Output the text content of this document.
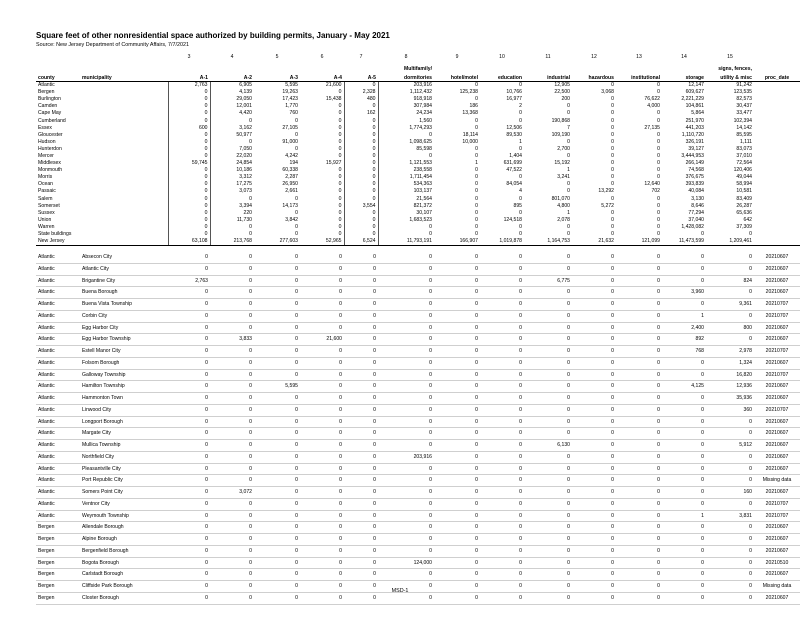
Square feet of other nonresidential space authorized by building permits, January - May 2021
Source: New Jersey Department of Community Affairs, 7/7/2021
		3	4	5	6	7	8	9	10	11	12	13	14	15	
							Multifamily/							signs, fences,	
county	municipality	A-1	A-2	A-3	A-4	A-5	dormitories	hotel/motel	education	industrial	hazardous	institutional	storage	utility & misc	proc_date
Atlantic		2,763	6,905	5,595	21,600	0	203,916	0	0	12,905	0	0	12,147	91,242	
Bergen		0	4,139	19,263	0	2,328	1,112,432	125,238	10,766	22,500	3,068	0	609,627	123,535	
Burlington		0	29,050	17,423	15,438	480	918,918	0	16,977	200	0	76,622	2,221,229	82,573	
Camden		0	12,001	1,770	0	0	307,984	186	2	0	0	4,000	104,861	30,437	
Cape May		0	4,420	760	0	162	24,234	13,368	0	0	0	0	5,864	33,477	
Cumberland		0	0	0	0	0	1,560	0	0	190,868	0	0	251,970	102,394	
Essex		600	3,162	27,105	0	0	1,774,293	0	12,506	7	0	27,135	441,203	14,142	
Gloucester		0	50,977	0	0	0	0	18,114	89,530	109,190	0	0	1,110,720	85,595	
Hudson		0	0	91,000	0	0	1,098,625	10,000	1	0	0	0	326,191	1,111	
Hunterdon		0	7,050	0	0	0	85,598	0	0	2,700	0	0	39,127	83,073	
Mercer		0	22,020	4,242	0	0	0	0	1,404	0	0	0	3,444,953	37,010	
Middlesex		59,745	24,854	194	15,927	0	1,121,553	1	631,699	15,192	0	0	266,149	72,564	
Monmouth		0	10,186	60,338	0	0	238,558	0	47,522	1	0	0	74,568	120,406	
Morris		0	3,312	2,287	0	0	1,711,454	0	0	3,241	0	0	376,675	49,044	
Ocean		0	17,275	26,950	0	0	534,363	0	84,054	0	0	12,640	393,839	58,994	
Passaic		0	3,073	2,661	0	0	103,137	0	4	0	13,292	702	40,084	10,581	
Salem		0	0	0	0	0	21,564	0	0	801,070	0	0	3,130	83,409	
Somerset		0	3,394	14,173	0	3,554	821,372	0	895	4,800	5,272	0	8,646	26,287	
Sussex		0	220	0	0	0	30,107	0	0	1	0	0	77,294	65,636	
Union		0	11,730	3,842	0	0	1,683,523	0	124,518	2,078	0	0	37,040	642	
Warren		0	0	0	0	0	0	0	0	0	0	0	1,428,082	37,309	
State buildings		0	0	0	0	0	0	0	0	0	0	0	0	0	
New Jersey		63,108	213,768	277,603	52,965	6,524	11,793,191	166,907	1,019,878	1,164,753	21,632	121,099	11,473,599	1,209,461	

Atlantic	Absecon City	0	0	0	0	0	0	0	0	0	0	0	0	0	20210607
Atlantic	Atlantic City	0	0	0	0	0	0	0	0	0	0	0	0	0	20210607
Atlantic	Brigantine City	2,763	0	0	0	0	0	0	0	6,775	0	0	0	824	20210607
Atlantic	Buena Borough	0	0	0	0	0	0	0	0	0	0	0	3,960	0	20210607
Atlantic	Buena Vista Township	0	0	0	0	0	0	0	0	0	0	0	0	9,361	20210707
Atlantic	Corbin City	0	0	0	0	0	0	0	0	0	0	0	1	0	20210707
Atlantic	Egg Harbor City	0	0	0	0	0	0	0	0	0	0	0	2,400	800	20210607
Atlantic	Egg Harbor Township	0	3,833	0	21,600	0	0	0	0	0	0	0	892	0	20210607
Atlantic	Estell Manor City	0	0	0	0	0	0	0	0	0	0	0	768	2,978	20210707
Atlantic	Folsom Borough	0	0	0	0	0	0	0	0	0	0	0	0	1,324	20210607
Atlantic	Galloway Township	0	0	0	0	0	0	0	0	0	0	0	0	16,820	20210707
Atlantic	Hamilton Township	0	0	5,595	0	0	0	0	0	0	0	0	4,125	12,936	20210607
Atlantic	Hammonton Town	0	0	0	0	0	0	0	0	0	0	0	0	35,936	20210607
Atlantic	Linwood City	0	0	0	0	0	0	0	0	0	0	0	0	360	20210707
Atlantic	Longport Borough	0	0	0	0	0	0	0	0	0	0	0	0	0	20210607
Atlantic	Margate City	0	0	0	0	0	0	0	0	0	0	0	0	0	20210607
Atlantic	Mullica Township	0	0	0	0	0	0	0	0	6,130	0	0	0	5,912	20210607
Atlantic	Northfield City	0	0	0	0	0	203,916	0	0	0	0	0	0	0	20210607
Atlantic	Pleasantville City	0	0	0	0	0	0	0	0	0	0	0	0	0	20210607
Atlantic	Port Republic City	0	0	0	0	0	0	0	0	0	0	0	0	0	Missing data
Atlantic	Somers Point City	0	3,072	0	0	0	0	0	0	0	0	0	0	160	20210607
Atlantic	Ventnor City	0	0	0	0	0	0	0	0	0	0	0	0	0	20210707
Atlantic	Weymouth Township	0	0	0	0	0	0	0	0	0	0	0	1	3,831	20210707
Bergen	Allendale Borough	0	0	0	0	0	0	0	0	0	0	0	0	0	20210607
Bergen	Alpine Borough	0	0	0	0	0	0	0	0	0	0	0	0	0	20210607
Bergen	Bergenfield Borough	0	0	0	0	0	0	0	0	0	0	0	0	0	20210607
Bergen	Bogota Borough	0	0	0	0	0	124,000	0	0	0	0	0	0	0	20210510
Bergen	Carlstadt Borough	0	0	0	0	0	0	0	0	0	0	0	0	0	20210607
Bergen	Cliffside Park Borough	0	0	0	0	0	0	0	0	0	0	0	0	0	Missing data
Bergen	Closter Borough	0	0	0	0	0	0	0	0	0	0	0	0	0	20210607
MSD-1
